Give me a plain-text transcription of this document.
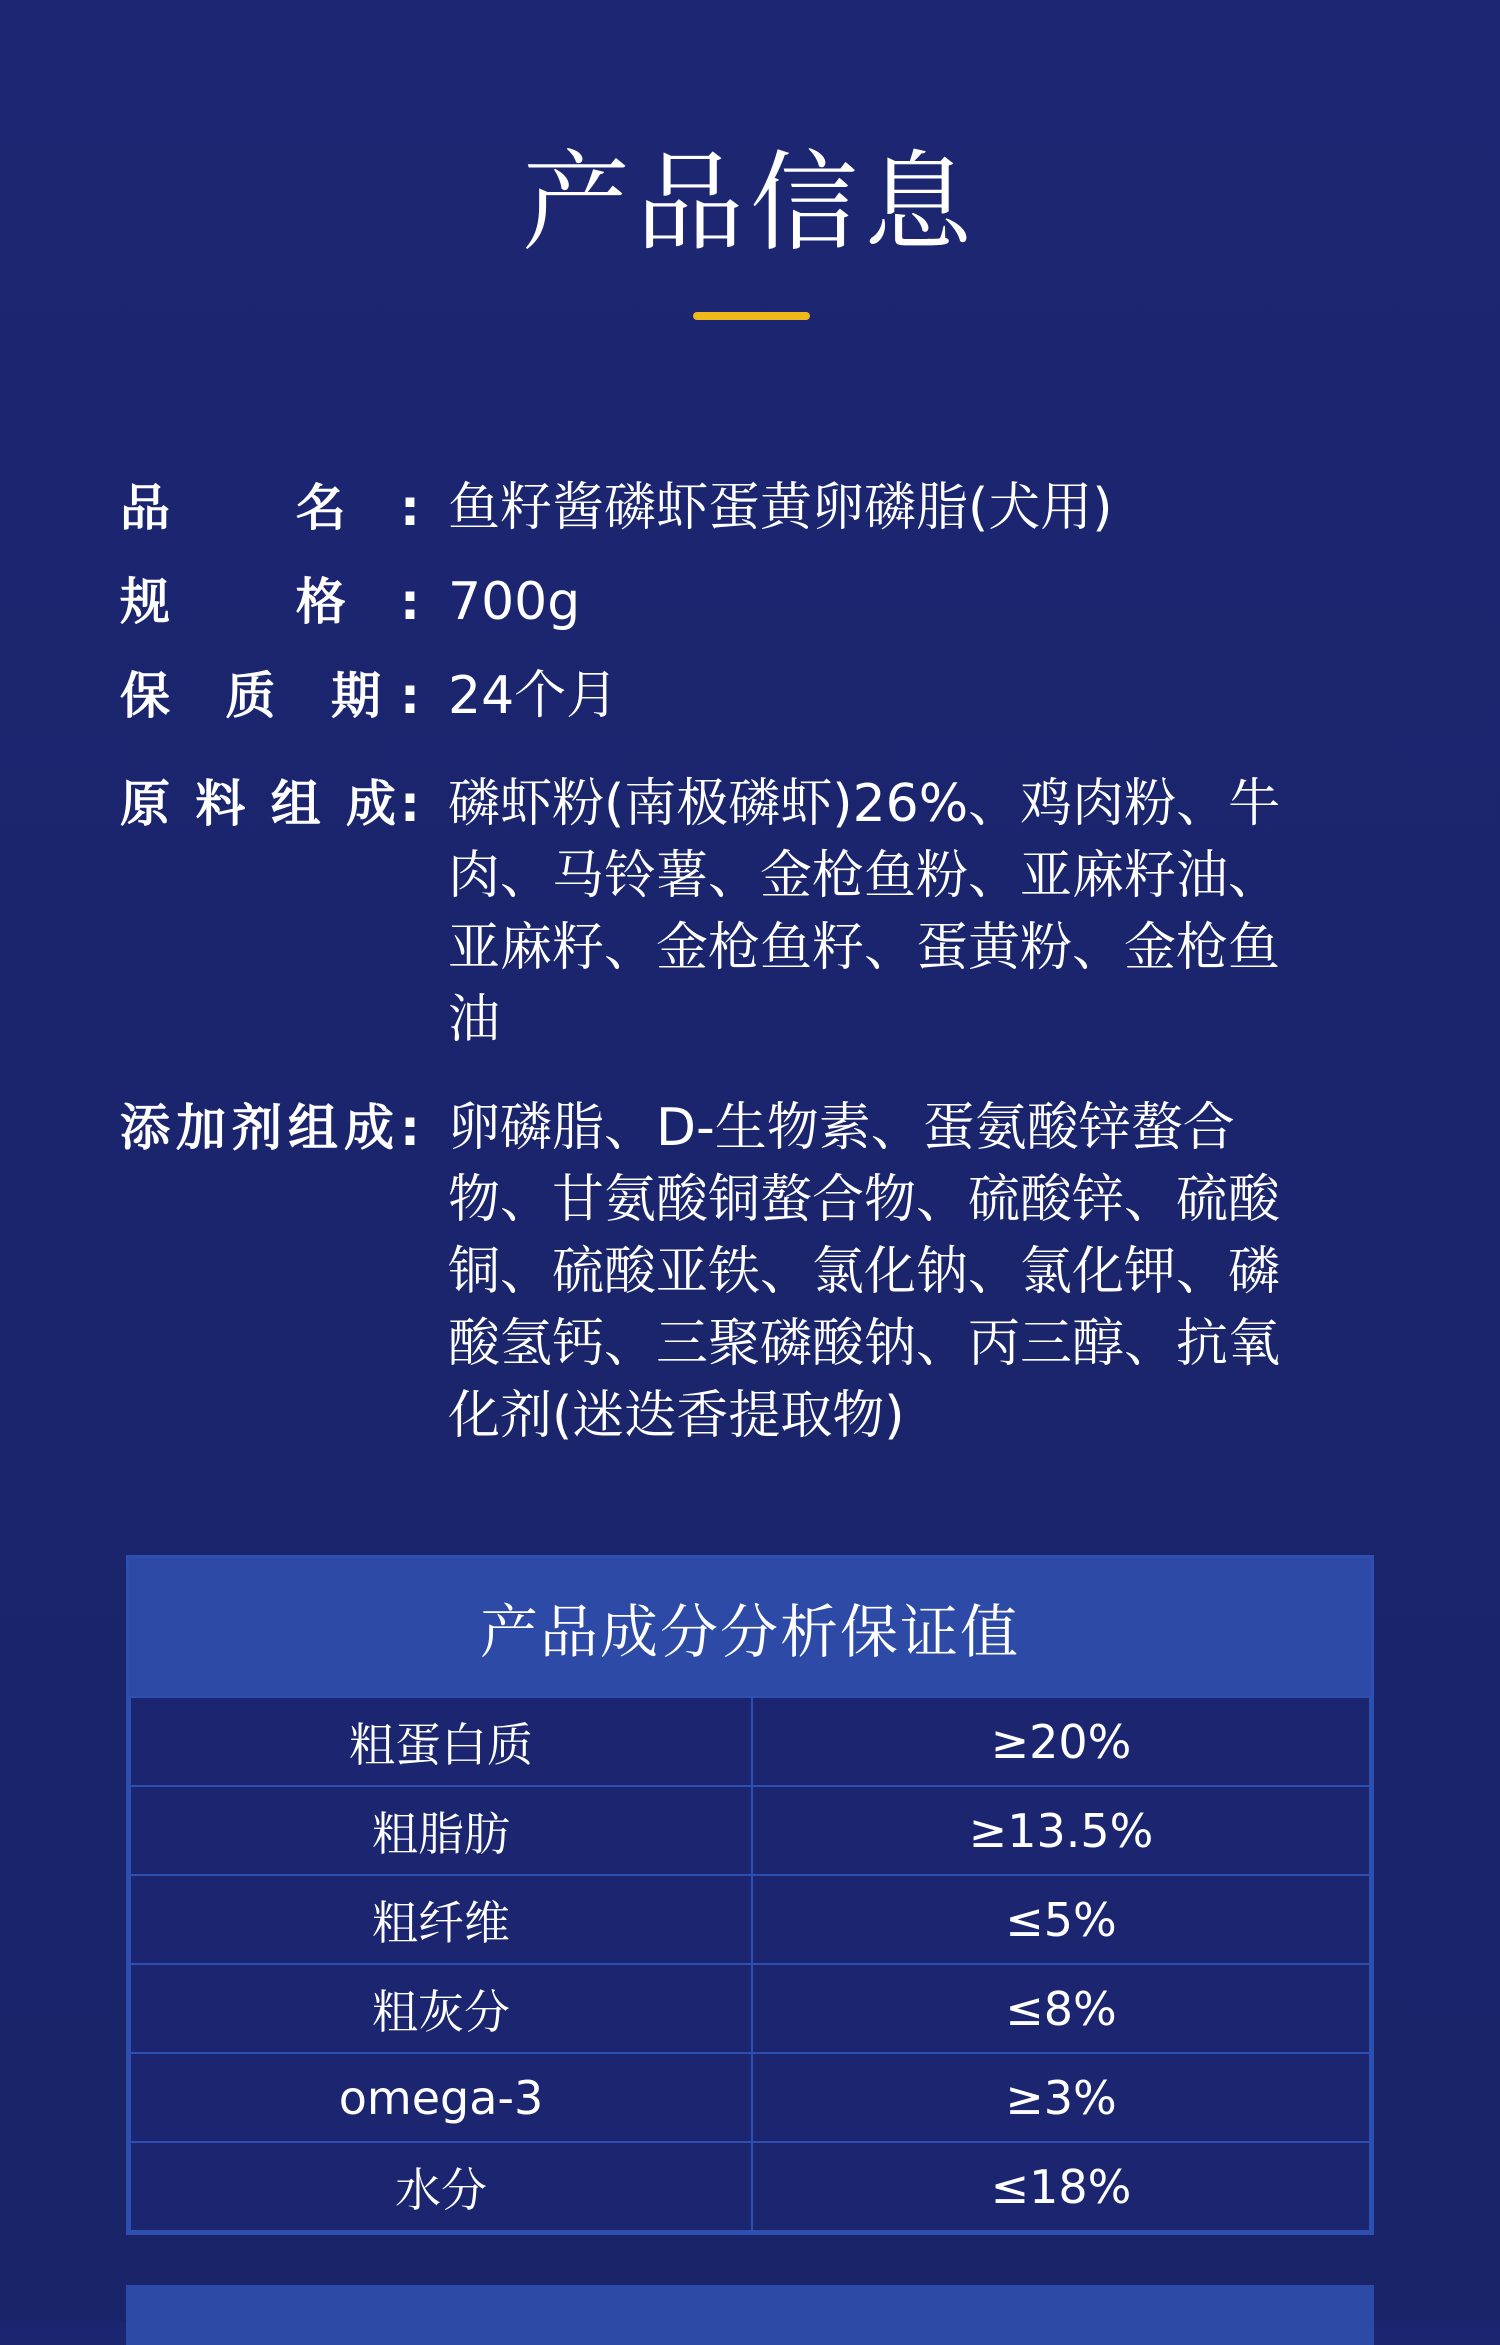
产品信息
品 名: 鱼籽酱磷虾蛋黄卵磷脂(犬用)
规 格: 700g
保 质 期: 24个月
原 料 组 成: 磷虾粉(南极磷虾)26%、鸡肉粉、牛肉、马铃薯、金枪鱼粉、亚麻籽油、亚麻籽、金枪鱼籽、蛋黄粉、金枪鱼油
添加剂组成: 卵磷脂、D-生物素、蛋氨酸锌螯合物、甘氨酸铜螯合物、硫酸锌、硫酸铜、硫酸亚铁、氯化钠、氯化钾、磷酸氢钙、三聚磷酸钠、丙三醇、抗氧化剂(迷迭香提取物)
产品成分分析保证值
粗蛋白质	≥20%
粗脂肪	≥13.5%
粗纤维	≤5%
粗灰分	≤8%
omega-3	≥3%
水分	≤18%
